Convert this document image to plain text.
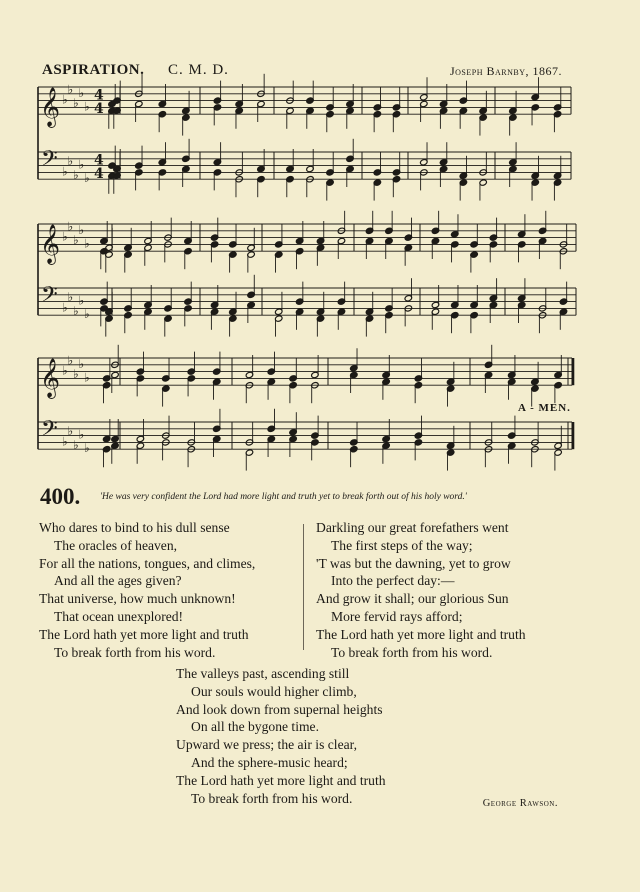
ASPIRATION. C. M. D.	Joseph Barnby, 1867.
𝄞 ♭
♭
♭
♭
♭
4
4
𝄢 ♭
♭
♭
♭
♭
4
4
𝄞 ♭
♭
♭
♭
♭
𝄢 ♭
♭
♭
♭
♭
𝄞 ♭
♭
♭
♭
♭
𝄢 ♭
♭
♭
♭
♭
A - MEN.
400. 'He was very confident the Lord had more light and truth yet to break forth out of his holy word.'
Who dares to bind to his dull sense
The oracles of heaven,
For all the nations, tongues, and climes,
And all the ages given?
That universe, how much unknown!
That ocean unexplored!
The Lord hath yet more light and truth
To break forth from his word.
Darkling our great forefathers went
The first steps of the way;
'T was but the dawning, yet to grow
Into the perfect day:—
And grow it shall; our glorious Sun
More fervid rays afford;
The Lord hath yet more light and truth
To break forth from his word.
The valleys past, ascending still
Our souls would higher climb,
And look down from supernal heights
On all the bygone time.
Upward we press; the air is clear,
And the sphere-music heard;
The Lord hath yet more light and truth
To break forth from his word.	George Rawson.
